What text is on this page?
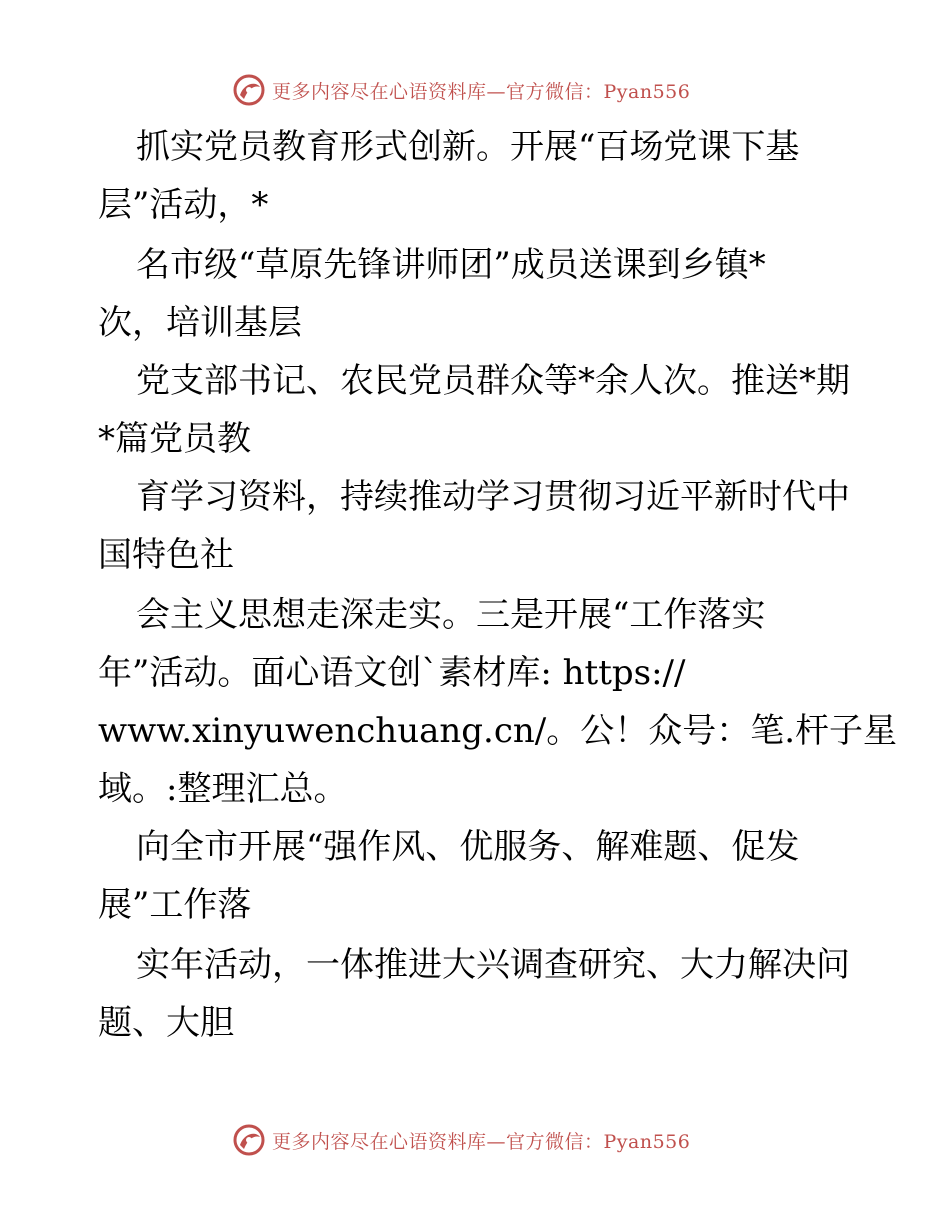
更多内容尽在心语资料库—官方微信：Pyan556
抓实党员教育形式创新。开展“百场党课下基
层”活动，*
名市级“草原先锋讲师团”成员送课到乡镇*
次，培训基层
党支部书记、农民党员群众等*余人次。推送*期
*篇党员教
育学习资料，持续推动学习贯彻习近平新时代中
国特色社
会主义思想走深走实。三是开展“工作落实
年”活动。面心语文创`素材库: https://
www.xinyuwenchuang.cn/。公！众号：笔.杆子星
域。:整理汇总。
向全市开展“强作风、优服务、解难题、促发
展”工作落
实年活动，一体推进大兴调查研究、大力解决问
题、大胆
更多内容尽在心语资料库—官方微信：Pyan556
